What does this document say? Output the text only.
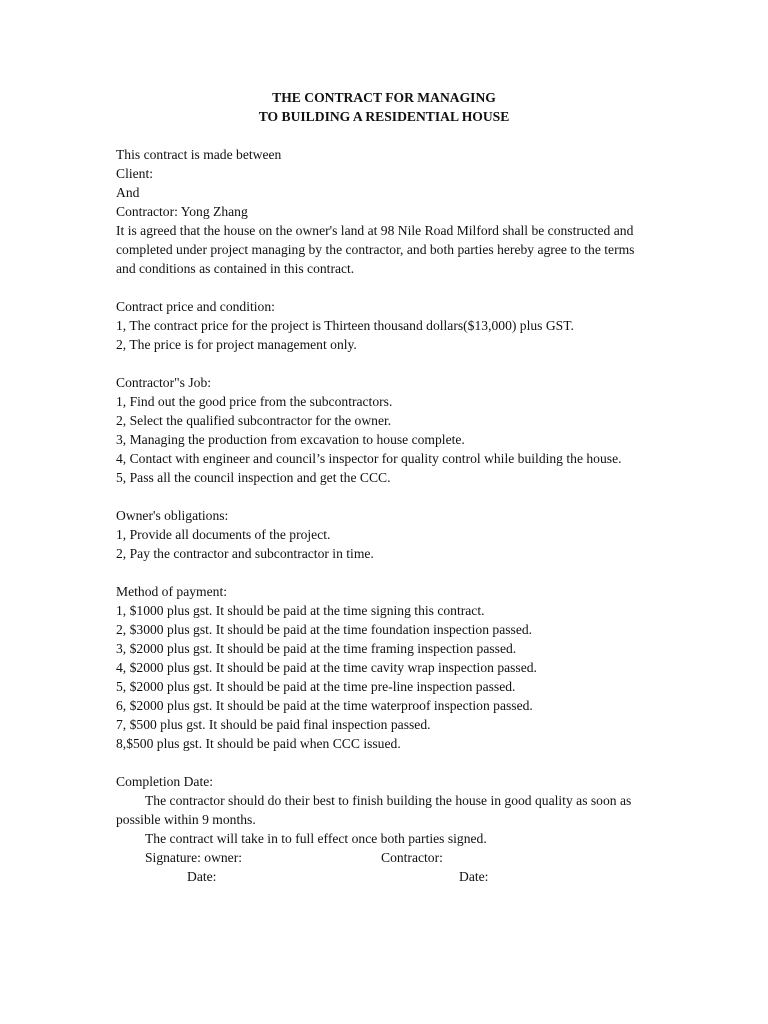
THE CONTRACT FOR MANAGING
TO BUILDING A RESIDENTIAL HOUSE
This contract is made between
Client:
And
Contractor: Yong Zhang
It is agreed that the house on the owner's land at 98 Nile Road Milford shall be constructed and completed under project managing by the contractor, and both parties hereby agree to the terms and conditions as contained in this contract.
Contract price and condition:
1, The contract price for the project is Thirteen thousand dollars($13,000) plus GST.
2, The price is for project management only.
Contractor"s Job:
1, Find out the good price from the subcontractors.
2, Select the qualified subcontractor for the owner.
3, Managing the production from excavation to house complete.
4, Contact with engineer and council’s inspector for quality control while building the house.
5, Pass all the council inspection and get the CCC.
Owner's obligations:
1, Provide all documents of the project.
2, Pay the contractor and subcontractor in time.
Method of payment:
1, $1000 plus gst. It should be paid at the time signing this contract.
2, $3000 plus gst. It should be paid at the time foundation inspection passed.
3, $2000 plus gst. It should be paid at the time framing inspection passed.
4, $2000 plus gst. It should be paid at the time cavity wrap inspection passed.
5, $2000 plus gst. It should be paid at the time pre-line inspection passed.
6, $2000 plus gst. It should be paid at the time waterproof inspection passed.
7, $500 plus gst. It should be paid final inspection passed.
8,$500 plus gst. It should be paid when CCC issued.
Completion Date:
The contractor should do their best to finish building the house in good quality as soon as possible within 9 months.
The contract will take in to full effect once both parties signed.
Signature: owner:	Contractor:
Date:	Date:
